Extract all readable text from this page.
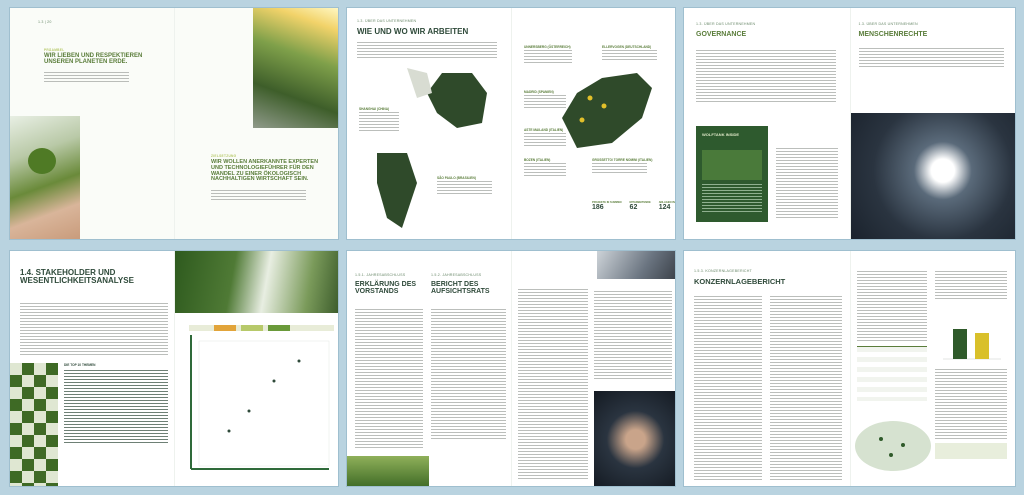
1.3 | 20
PRÄAMBEL
WIR LIEBEN UND RESPEKTIEREN UNSEREN PLANETEN ERDE.
ZIELSETZUNG
WIR WOLLEN ANERKANNTE EXPERTEN UND TECHNOLOGIEFÜHRER FÜR DEN WANDEL ZU EINER ÖKOLOGISCH NACHHALTIGEN WIRTSCHAFT SEIN.
1.3. ÜBER DAS UNTERNEHMEN
WIE UND WO WIR ARBEITEN
SHANGHAI (CHINA)
SÃO PAULO (BRASILIEN)
UNNERSBERG (ÖSTERREICH)
MADRID (SPANIEN)
ASTE MAILAND (ITALIEN)
BOZEN (ITALIEN)
ELLERVOGEN (DEUTSCHLAND)
GROSSETTO/ TORRE NOMINI (ITALIEN)
PROJEKTE IN SUMMEN
186
MITARBEITENDE
62
ANLAGEN IN
124
1.3. ÜBER DAS UNTERNEHMEN
GOVERNANCE
WOLFTANK INSIDE
1.3. ÜBER DAS UNTERNEHMEN
MENSCHENRECHTE
1.4. STAKEHOLDER UND WESENTLICHKEITSANALYSE
DIE TOP 10 THEMEN
1.5.1. JAHRESABSCHLUSS
ERKLÄRUNG DES VORSTANDS
1.5.2. JAHRESABSCHLUSS
BERICHT DES AUFSICHTSRATS
1.5.3. KONZERNLAGEBERICHT
KONZERNLAGEBERICHT
